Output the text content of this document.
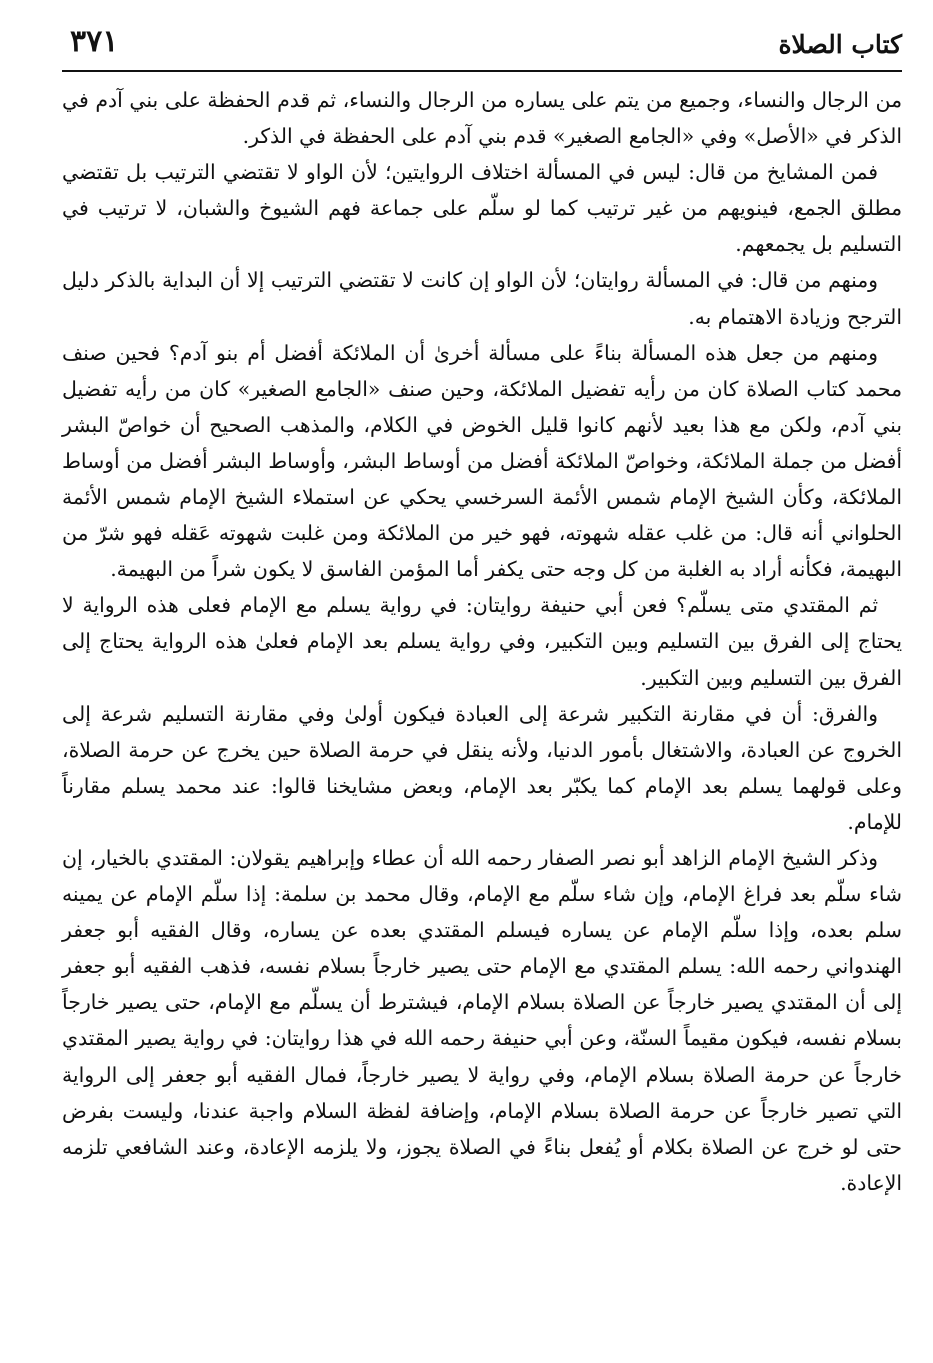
كتاب الصلاة
٣٧١

من الرجال والنساء، وجميع من يتم على يساره من الرجال والنساء، ثم قدم الحفظة على بني آدم في الذكر في «الأصل» وفي «الجامع الصغير» قدم بني آدم على الحفظة في الذكر.

فمن المشايخ من قال: ليس في المسألة اختلاف الروايتين؛ لأن الواو لا تقتضي الترتيب بل تقتضي مطلق الجمع، فينويهم من غير ترتيب كما لو سلّم على جماعة فهم الشيوخ والشبان، لا ترتيب في التسليم بل يجمعهم.

ومنهم من قال: في المسألة روايتان؛ لأن الواو إن كانت لا تقتضي الترتيب إلا أن البداية بالذكر دليل الترجح وزيادة الاهتمام به.

ومنهم من جعل هذه المسألة بناءً على مسألة أخرىٰ أن الملائكة أفضل أم بنو آدم؟ فحين صنف محمد كتاب الصلاة كان من رأيه تفضيل الملائكة، وحين صنف «الجامع الصغير» كان من رأيه تفضيل بني آدم، ولكن مع هذا بعيد لأنهم كانوا قليل الخوض في الكلام، والمذهب الصحيح أن خواصّ البشر أفضل من جملة الملائكة، وخواصّ الملائكة أفضل من أوساط البشر، وأوساط البشر أفضل من أوساط الملائكة، وكأن الشيخ الإمام شمس الأئمة السرخسي يحكي عن استملاء الشيخ الإمام شمس الأئمة الحلواني أنه قال: من غلب عقله شهوته، فهو خير من الملائكة ومن غلبت شهوته عَقله فهو شرّ من البهيمة، فكأنه أراد به الغلبة من كل وجه حتى يكفر أما المؤمن الفاسق لا يكون شراً من البهيمة.

ثم المقتدي متى يسلّم؟ فعن أبي حنيفة روايتان: في رواية يسلم مع الإمام فعلى هذه الرواية لا يحتاج إلى الفرق بين التسليم وبين التكبير، وفي رواية يسلم بعد الإمام فعلىٰ هذه الرواية يحتاج إلى الفرق بين التسليم وبين التكبير.

والفرق: أن في مقارنة التكبير شرعة إلى العبادة فيكون أولىٰ وفي مقارنة التسليم شرعة إلى الخروج عن العبادة، والاشتغال بأمور الدنيا، ولأنه ينقل في حرمة الصلاة حين يخرج عن حرمة الصلاة، وعلى قولهما يسلم بعد الإمام كما يكبّر بعد الإمام، وبعض مشايخنا قالوا: عند محمد يسلم مقارناً للإمام.

وذكر الشيخ الإمام الزاهد أبو نصر الصفار رحمه الله أن عطاء وإبراهيم يقولان: المقتدي بالخيار، إن شاء سلّم بعد فراغ الإمام، وإن شاء سلّم مع الإمام، وقال محمد بن سلمة: إذا سلّم الإمام عن يمينه سلم بعده، وإذا سلّم الإمام عن يساره فيسلم المقتدي بعده عن يساره، وقال الفقيه أبو جعفر الهندواني رحمه الله: يسلم المقتدي مع الإمام حتى يصير خارجاً بسلام نفسه، فذهب الفقيه أبو جعفر إلى أن المقتدي يصير خارجاً عن الصلاة بسلام الإمام، فيشترط أن يسلّم مع الإمام، حتى يصير خارجاً بسلام نفسه، فيكون مقيماً السنّة، وعن أبي حنيفة رحمه الله في هذا روايتان: في رواية يصير المقتدي خارجاً عن حرمة الصلاة بسلام الإمام، وفي رواية لا يصير خارجاً، فمال الفقيه أبو جعفر إلى الرواية التي تصير خارجاً عن حرمة الصلاة بسلام الإمام، وإضافة لفظة السلام واجبة عندنا، وليست بفرض حتى لو خرج عن الصلاة بكلام أو يُفعل بناءً في الصلاة يجوز، ولا يلزمه الإعادة، وعند الشافعي تلزمه الإعادة.
